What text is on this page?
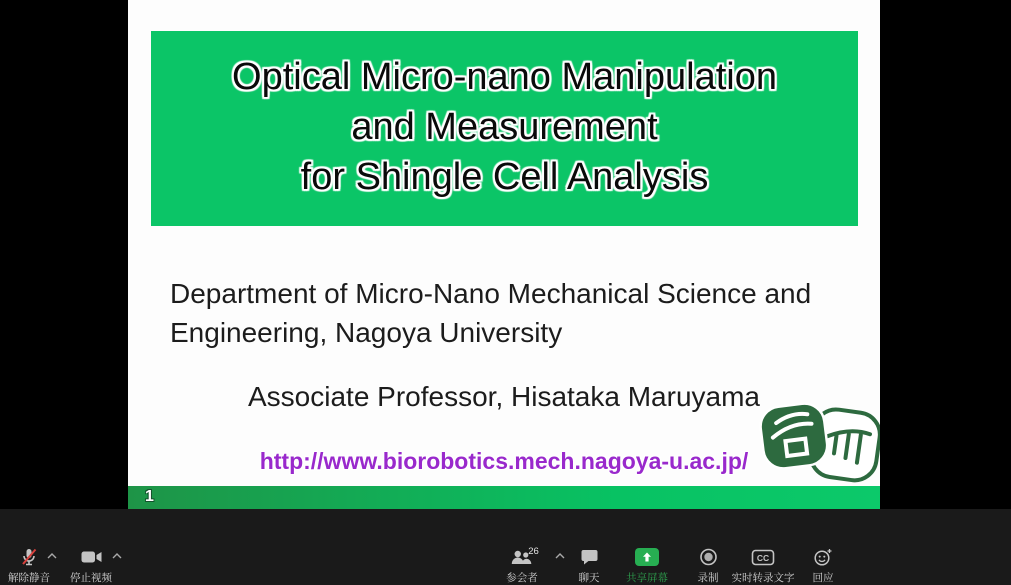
Optical Micro-nano Manipulation
and Measurement
for Shingle Cell Analysis
Department of Micro-Nano Mechanical Science and
Engineering, Nagoya University
Associate Professor, Hisataka Maruyama
http://www.biorobotics.mech.nagoya-u.ac.jp/
1
解除静音 停止视频
26
参会者	聊天	共享屏幕	录制
CC
实时转录文字 回应
